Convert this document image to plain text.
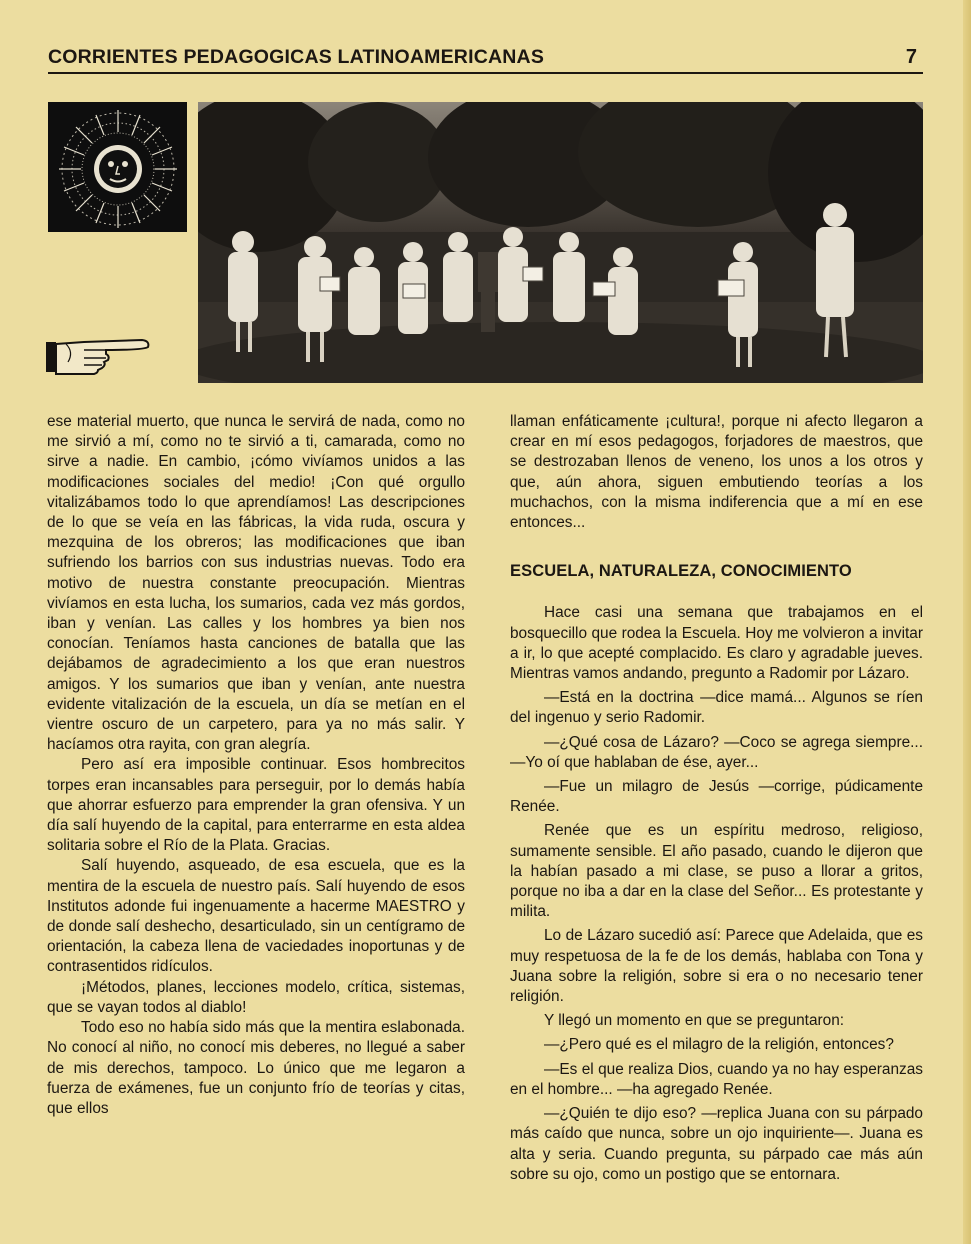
CORRIENTES PEDAGOGICAS LATINOAMERICANAS	7

ese material muerto, que nunca le servirá de nada, como no me sirvió a mí, como no te sirvió a ti, camarada, como no sirve a nadie. En cambio, ¡cómo vivíamos unidos a las modificaciones sociales del medio! ¡Con qué orgullo vitalizábamos todo lo que aprendíamos! Las descripciones de lo que se veía en las fábricas, la vida ruda, oscura y mezquina de los obreros; las modificaciones que iban sufriendo los barrios con sus industrias nuevas. Todo era motivo de nuestra constante preocupación. Mientras vivíamos en esta lucha, los sumarios, cada vez más gordos, iban y venían. Las calles y los hombres ya bien nos conocían. Teníamos hasta canciones de batalla que las dejábamos de agradecimiento a los que eran nuestros amigos. Y los sumarios que iban y venían, ante nuestra evidente vitalización de la escuela, un día se metían en el vientre oscuro de un carpetero, para ya no más salir. Y hacíamos otra rayita, con gran alegría.

Pero así era imposible continuar. Esos hombrecitos torpes eran incansables para perseguir, por lo demás había que ahorrar esfuerzo para emprender la gran ofensiva. Y un día salí huyendo de la capital, para enterrarme en esta aldea solitaria sobre el Río de la Plata. Gracias.

Salí huyendo, asqueado, de esa escuela, que es la mentira de la escuela de nuestro país. Salí huyendo de esos Institutos adonde fui ingenuamente a hacerme MAESTRO y de donde salí deshecho, desarticulado, sin un centígramo de orientación, la cabeza llena de vaciedades inoportunas y de contrasentidos ridículos.

¡Métodos, planes, lecciones modelo, crítica, sistemas, que se vayan todos al diablo!

Todo eso no había sido más que la mentira eslabonada. No conocí al niño, no conocí mis deberes, no llegué a saber de mis derechos, tampoco. Lo único que me legaron a fuerza de exámenes, fue un conjunto frío de teorías y citas, que ellos

llaman enfáticamente ¡cultura!, porque ni afecto llegaron a crear en mí esos pedagogos, forjadores de maestros, que se destrozaban llenos de veneno, los unos a los otros y que, aún ahora, siguen embutiendo teorías a los muchachos, con la misma indiferencia que a mí en ese entonces...

ESCUELA, NATURALEZA, CONOCIMIENTO

Hace casi una semana que trabajamos en el bosquecillo que rodea la Escuela. Hoy me volvieron a invitar a ir, lo que acepté complacido. Es claro y agradable jueves. Mientras vamos andando, pregunto a Radomir por Lázaro.

—Está en la doctrina —dice mamá... Algunos se ríen del ingenuo y serio Radomir.

—¿Qué cosa de Lázaro? —Coco se agrega siempre... —Yo oí que hablaban de ése, ayer...

—Fue un milagro de Jesús —corrige, púdicamente Renée.

Renée que es un espíritu medroso, religioso, sumamente sensible. El año pasado, cuando le dijeron que la habían pasado a mi clase, se puso a llorar a gritos, porque no iba a dar en la clase del Señor... Es protestante y milita.

Lo de Lázaro sucedió así: Parece que Adelaida, que es muy respetuosa de la fe de los demás, hablaba con Tona y Juana sobre la religión, sobre si era o no necesario tener religión.

Y llegó un momento en que se preguntaron:

—¿Pero qué es el milagro de la religión, entonces?

—Es el que realiza Dios, cuando ya no hay esperanzas en el hombre... —ha agregado Renée.

—¿Quién te dijo eso? —replica Juana con su párpado más caído que nunca, sobre un ojo inquiriente—. Juana es alta y seria. Cuando pregunta, su párpado cae más aún sobre su ojo, como un postigo que se entornara.
